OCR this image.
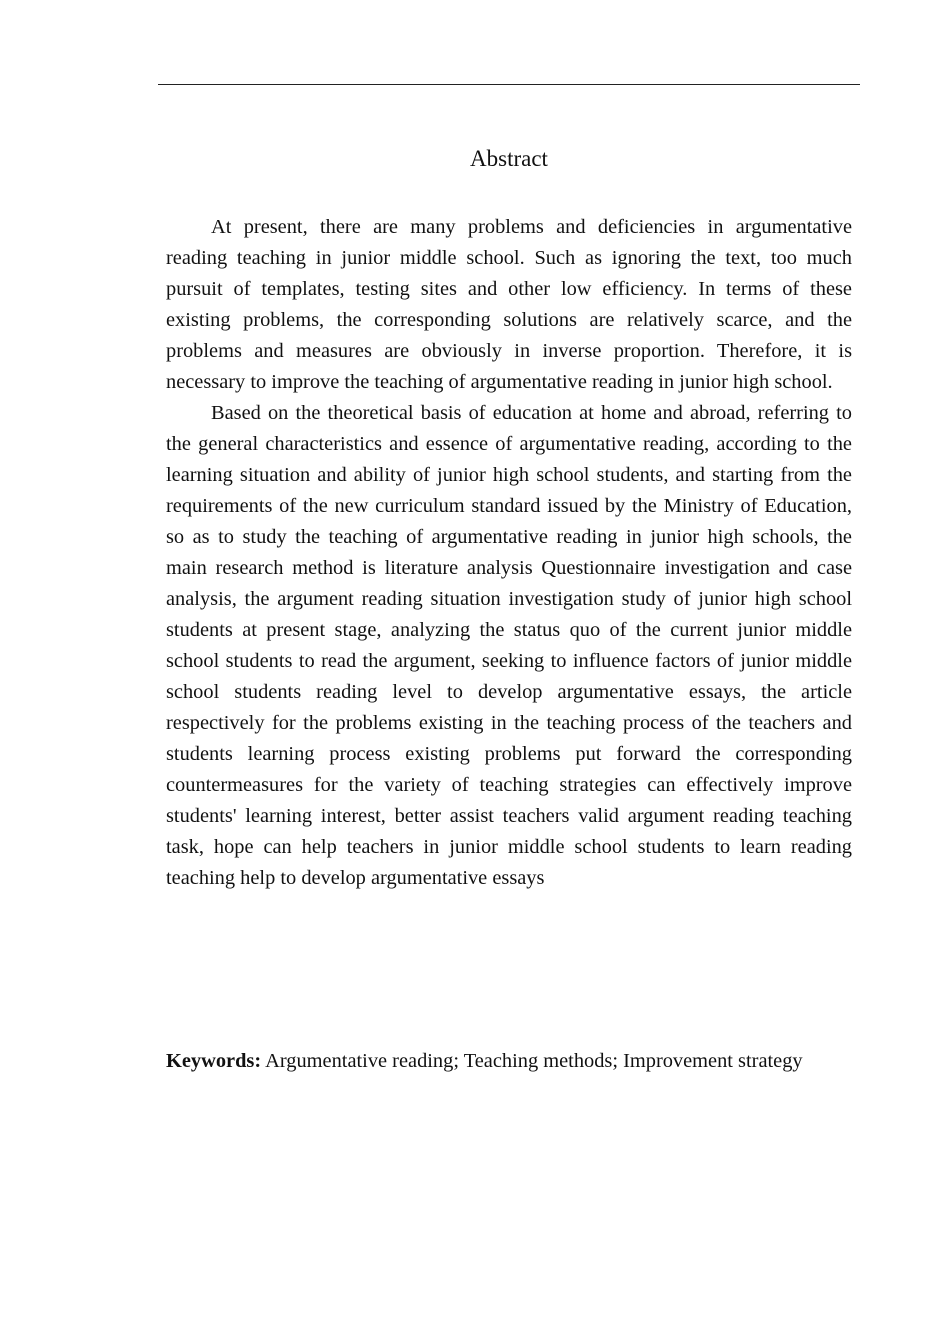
Abstract

At present, there are many problems and deficiencies in argumentative reading teaching in junior middle school. Such as ignoring the text, too much pursuit of templates, testing sites and other low efficiency. In terms of these existing problems, the corresponding solutions are relatively scarce, and the problems and measures are obviously in inverse proportion. Therefore, it is necessary to improve the teaching of argumentative reading in junior high school.

Based on the theoretical basis of education at home and abroad, referring to the general characteristics and essence of argumentative reading, according to the learning situation and ability of junior high school students, and starting from the requirements of the new curriculum standard issued by the Ministry of Education, so as to study the teaching of argumentative reading in junior high schools, the main research method is literature analysis Questionnaire investigation and case analysis, the argument reading situation investigation study of junior high school students at present stage, analyzing the status quo of the current junior middle school students to read the argument, seeking to influence factors of junior middle school students reading level to develop argumentative essays, the article respectively for the problems existing in the teaching process of the teachers and students learning process existing problems put forward the corresponding countermeasures for the variety of teaching strategies can effectively improve students' learning interest, better assist teachers valid argument reading teaching task, hope can help teachers in junior middle school students to learn reading teaching help to develop argumentative essays

Keywords: Argumentative reading; Teaching methods; Improvement strategy
